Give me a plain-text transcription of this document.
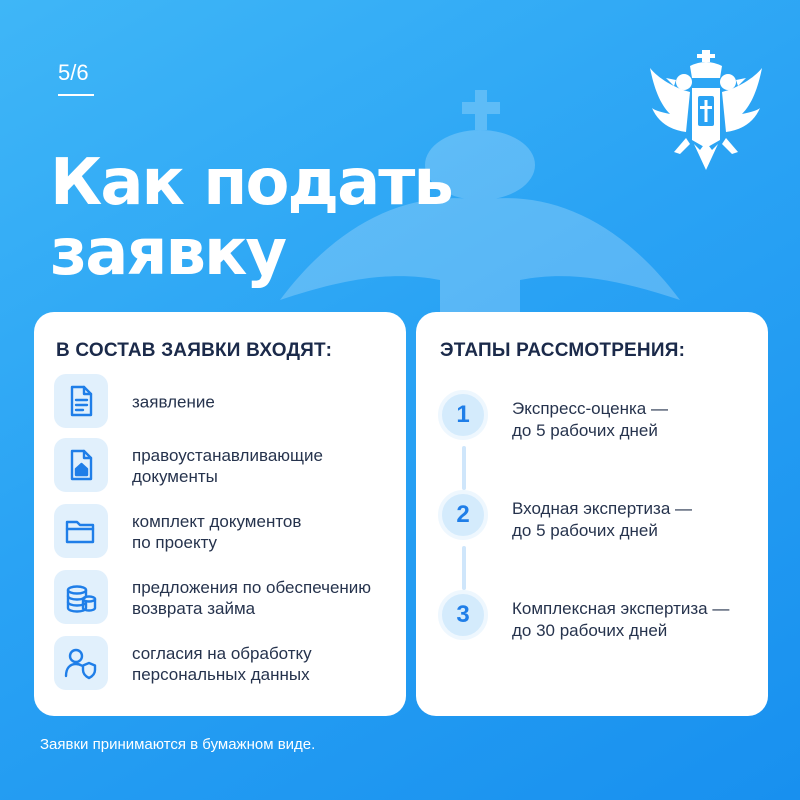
5/6
Как подать
заявку
В СОСТАВ ЗАЯВКИ ВХОДЯТ:
заявление
правоустанавливающие
документы
комплект документов
по проекту
предложения по обеспечению
возврата займа
согласия на обработку
персональных данных
ЭТАПЫ РАССМОТРЕНИЯ:
1	Экспресс-оценка —
до 5 рабочих дней
2	Входная экспертиза —
до 5 рабочих дней
3	Комплексная экспертиза —
до 30 рабочих дней
Заявки принимаются в бумажном виде.
